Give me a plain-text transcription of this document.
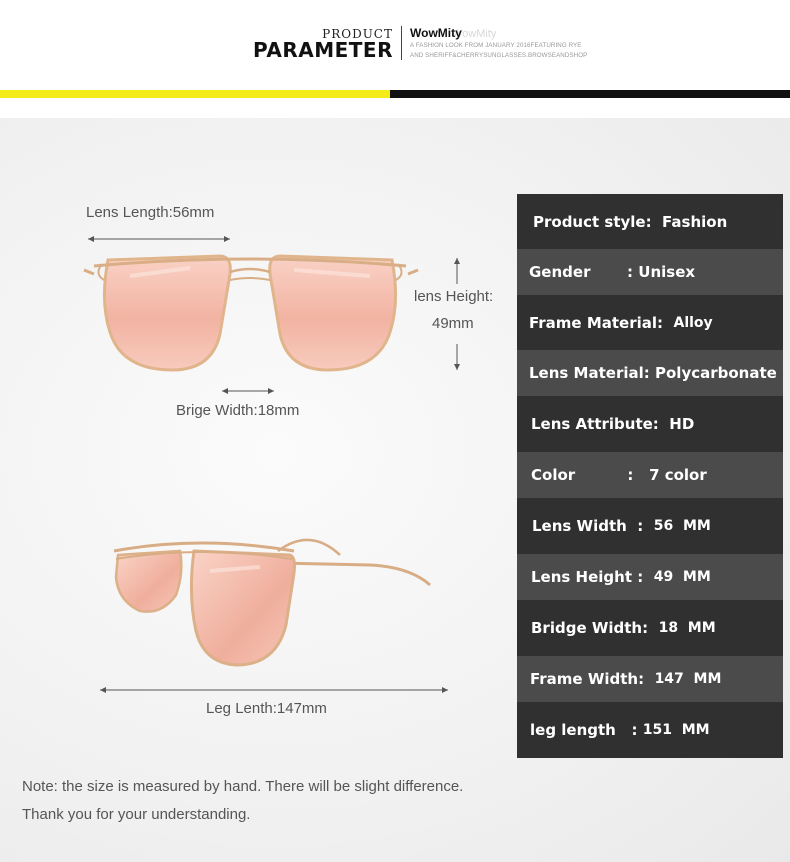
PRODUCT
PARAMETER
WowMity
WowMity
A FASHION LOOK FROM JANUARY 2016FEATURING RYE
AND SHERIFF&CHERRYSUNGLASSES.BROWSEANDSHOP
Lens Length:56mm
lens Height:
49mm
Brige Width:18mm
Leg Lenth:147mm
Product style:
Fashion
Gender       :
Unisex
Frame Material:
Alloy
Lens Material:
Polycarbonate
Lens Attribute:
HD
Color          :
7 color
Lens Width  :
56  MM
Lens Height :
49  MM
Bridge Width:
18  MM
Frame Width:
147  MM
leg length   :
151  MM
Note: the size is measured by hand. There will be slight difference.
Thank you for your understanding.
